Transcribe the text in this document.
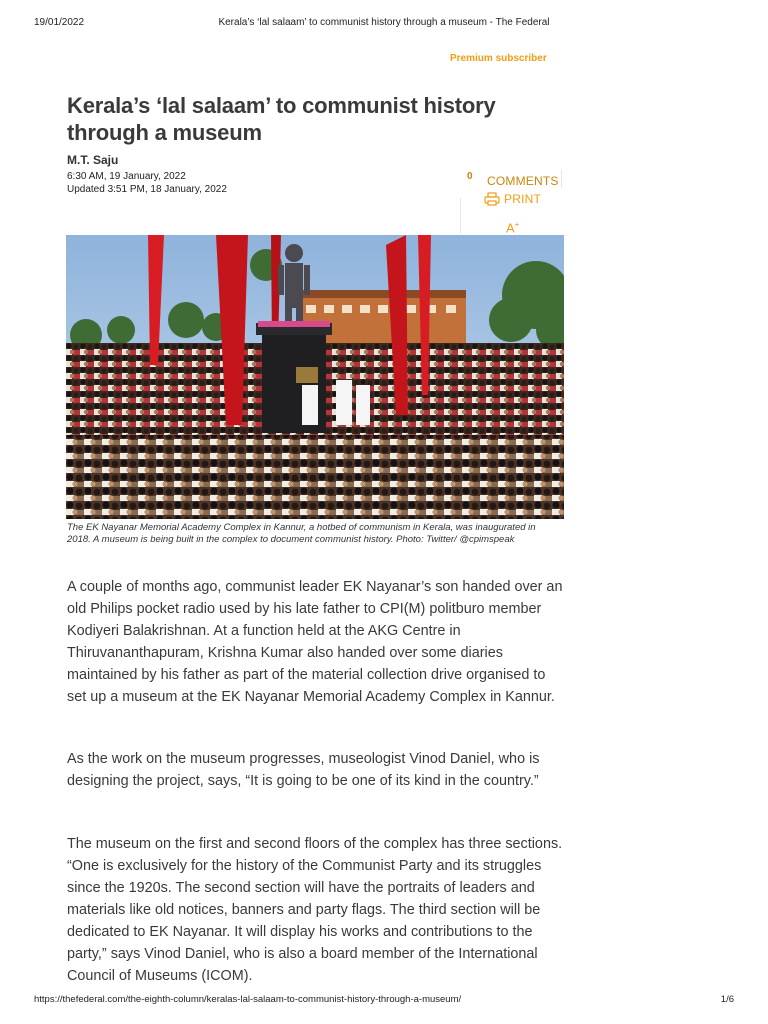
19/01/2022	Kerala’s ‘lal salaam’ to communist history through a museum - The Federal
Premium subscriber
Kerala’s ‘lal salaam’ to communist history through a museum
M.T. Saju
6:30 AM, 19 January, 2022
Updated 3:51 PM, 18 January, 2022
0 COMMENTS
PRINT
A+

The EK Nayanar Memorial Academy Complex in Kannur, a hotbed of communism in Kerala, was inaugurated in 2018. A museum is being built in the complex to document communist history. Photo: Twitter/ @cpimspeak

A couple of months ago, communist leader EK Nayanar’s son handed over an old Philips pocket radio used by his late father to CPI(M) politburo member Kodiyeri Balakrishnan. At a function held at the AKG Centre in Thiruvananthapuram, Krishna Kumar also handed over some diaries maintained by his father as part of the material collection drive organised to set up a museum at the EK Nayanar Memorial Academy Complex in Kannur.

As the work on the museum progresses, museologist Vinod Daniel, who is designing the project, says, “It is going to be one of its kind in the country.”

The museum on the first and second floors of the complex has three sections. “One is exclusively for the history of the Communist Party and its struggles since the 1920s. The second section will have the portraits of leaders and materials like old notices, banners and party flags. The third section will be dedicated to EK Nayanar. It will display his works and contributions to the party,” says Vinod Daniel, who is also a board member of the International Council of Museums (ICOM).

https://thefederal.com/the-eighth-column/keralas-lal-salaam-to-communist-history-through-a-museum/	1/6
